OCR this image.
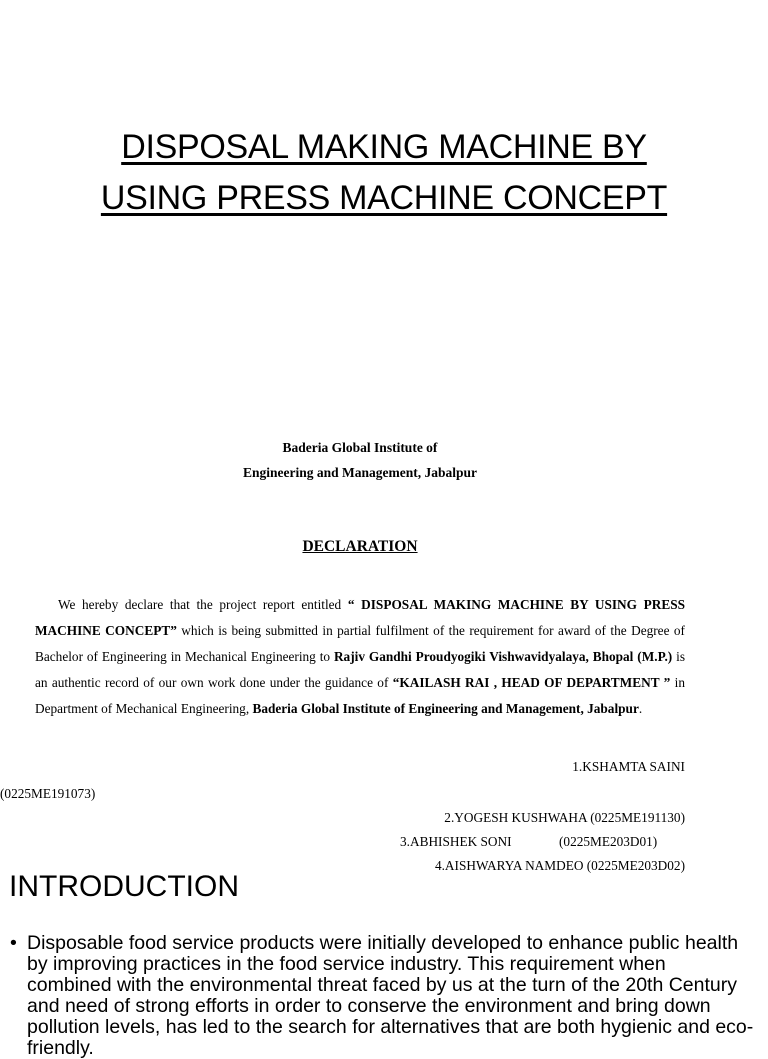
DISPOSAL MAKING MACHINE BY
USING PRESS MACHINE CONCEPT
Baderia Global Institute of
Engineering and Management, Jabalpur
DECLARATION

We hereby declare that the project report entitled “ DISPOSAL MAKING MACHINE BY USING PRESS MACHINE CONCEPT” which is being submitted in partial fulfilment of the requirement for award of the Degree of Bachelor of Engineering in Mechanical Engineering to Rajiv Gandhi Proudyogiki Vishwavidyalaya, Bhopal (M.P.) is an authentic record of our own work done under the guidance of “KAILASH RAI , HEAD OF DEPARTMENT ” in Department of Mechanical Engineering, Baderia Global Institute of Engineering and Management, Jabalpur.

1.KSHAMTA SAINI
(0225ME191073)
2.YOGESH KUSHWAHA (0225ME191130)
3.ABHISHEK SONI	(0225ME203D01)
4.AISHWARYA NAMDEO (0225ME203D02)
INTRODUCTION
• Disposable food service products were initially developed to enhance public health by improving practices in the food service industry. This requirement when combined with the environmental threat faced by us at the turn of the 20th Century and need of strong efforts in order to conserve the environment and bring down pollution levels, has led to the search for alternatives that are both hygienic and eco-friendly.
